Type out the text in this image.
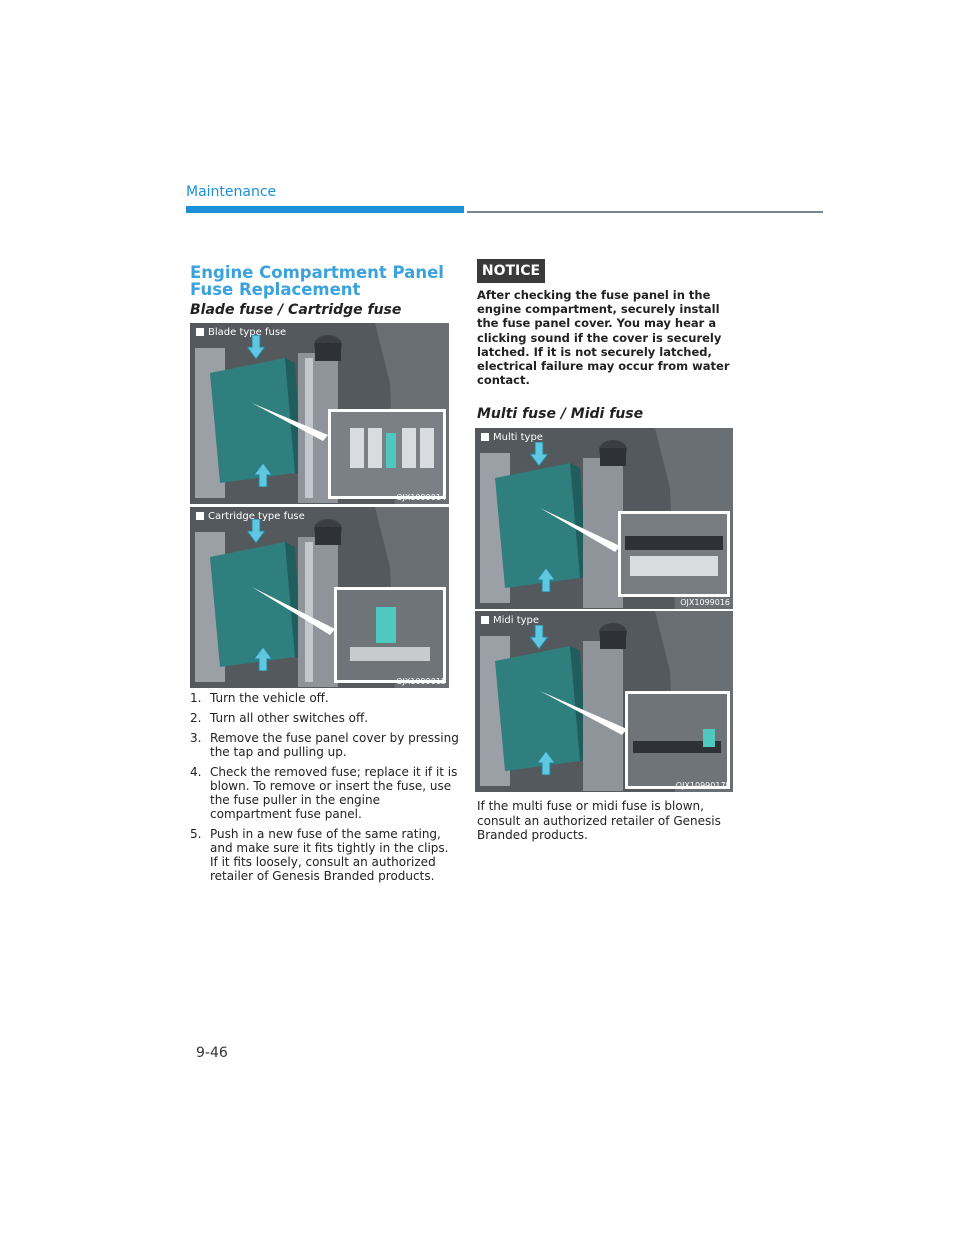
Maintenance
Engine Compartment Panel Fuse Replacement
Blade fuse / Cartridge fuse
Blade type fuse
OJX1099014
Cartridge type fuse
OJX1099015
1. Turn the vehicle off.
2. Turn all other switches off.
3. Remove the fuse panel cover by pressing the tap and pulling up.
4. Check the removed fuse; replace it if it is blown. To remove or insert the fuse, use the fuse puller in the engine compartment fuse panel.
5. Push in a new fuse of the same rating, and make sure it fits tightly in the clips. If it fits loosely, consult an authorized retailer of Genesis Branded products.
NOTICE
After checking the fuse panel in the engine compartment, securely install the fuse panel cover. You may hear a clicking sound if the cover is securely latched. If it is not securely latched, electrical failure may occur from water contact.
Multi fuse / Midi fuse
Multi type
OJX1099016
Midi type
OJX1099017L
If the multi fuse or midi fuse is blown, consult an authorized retailer of Genesis Branded products.
9-46
